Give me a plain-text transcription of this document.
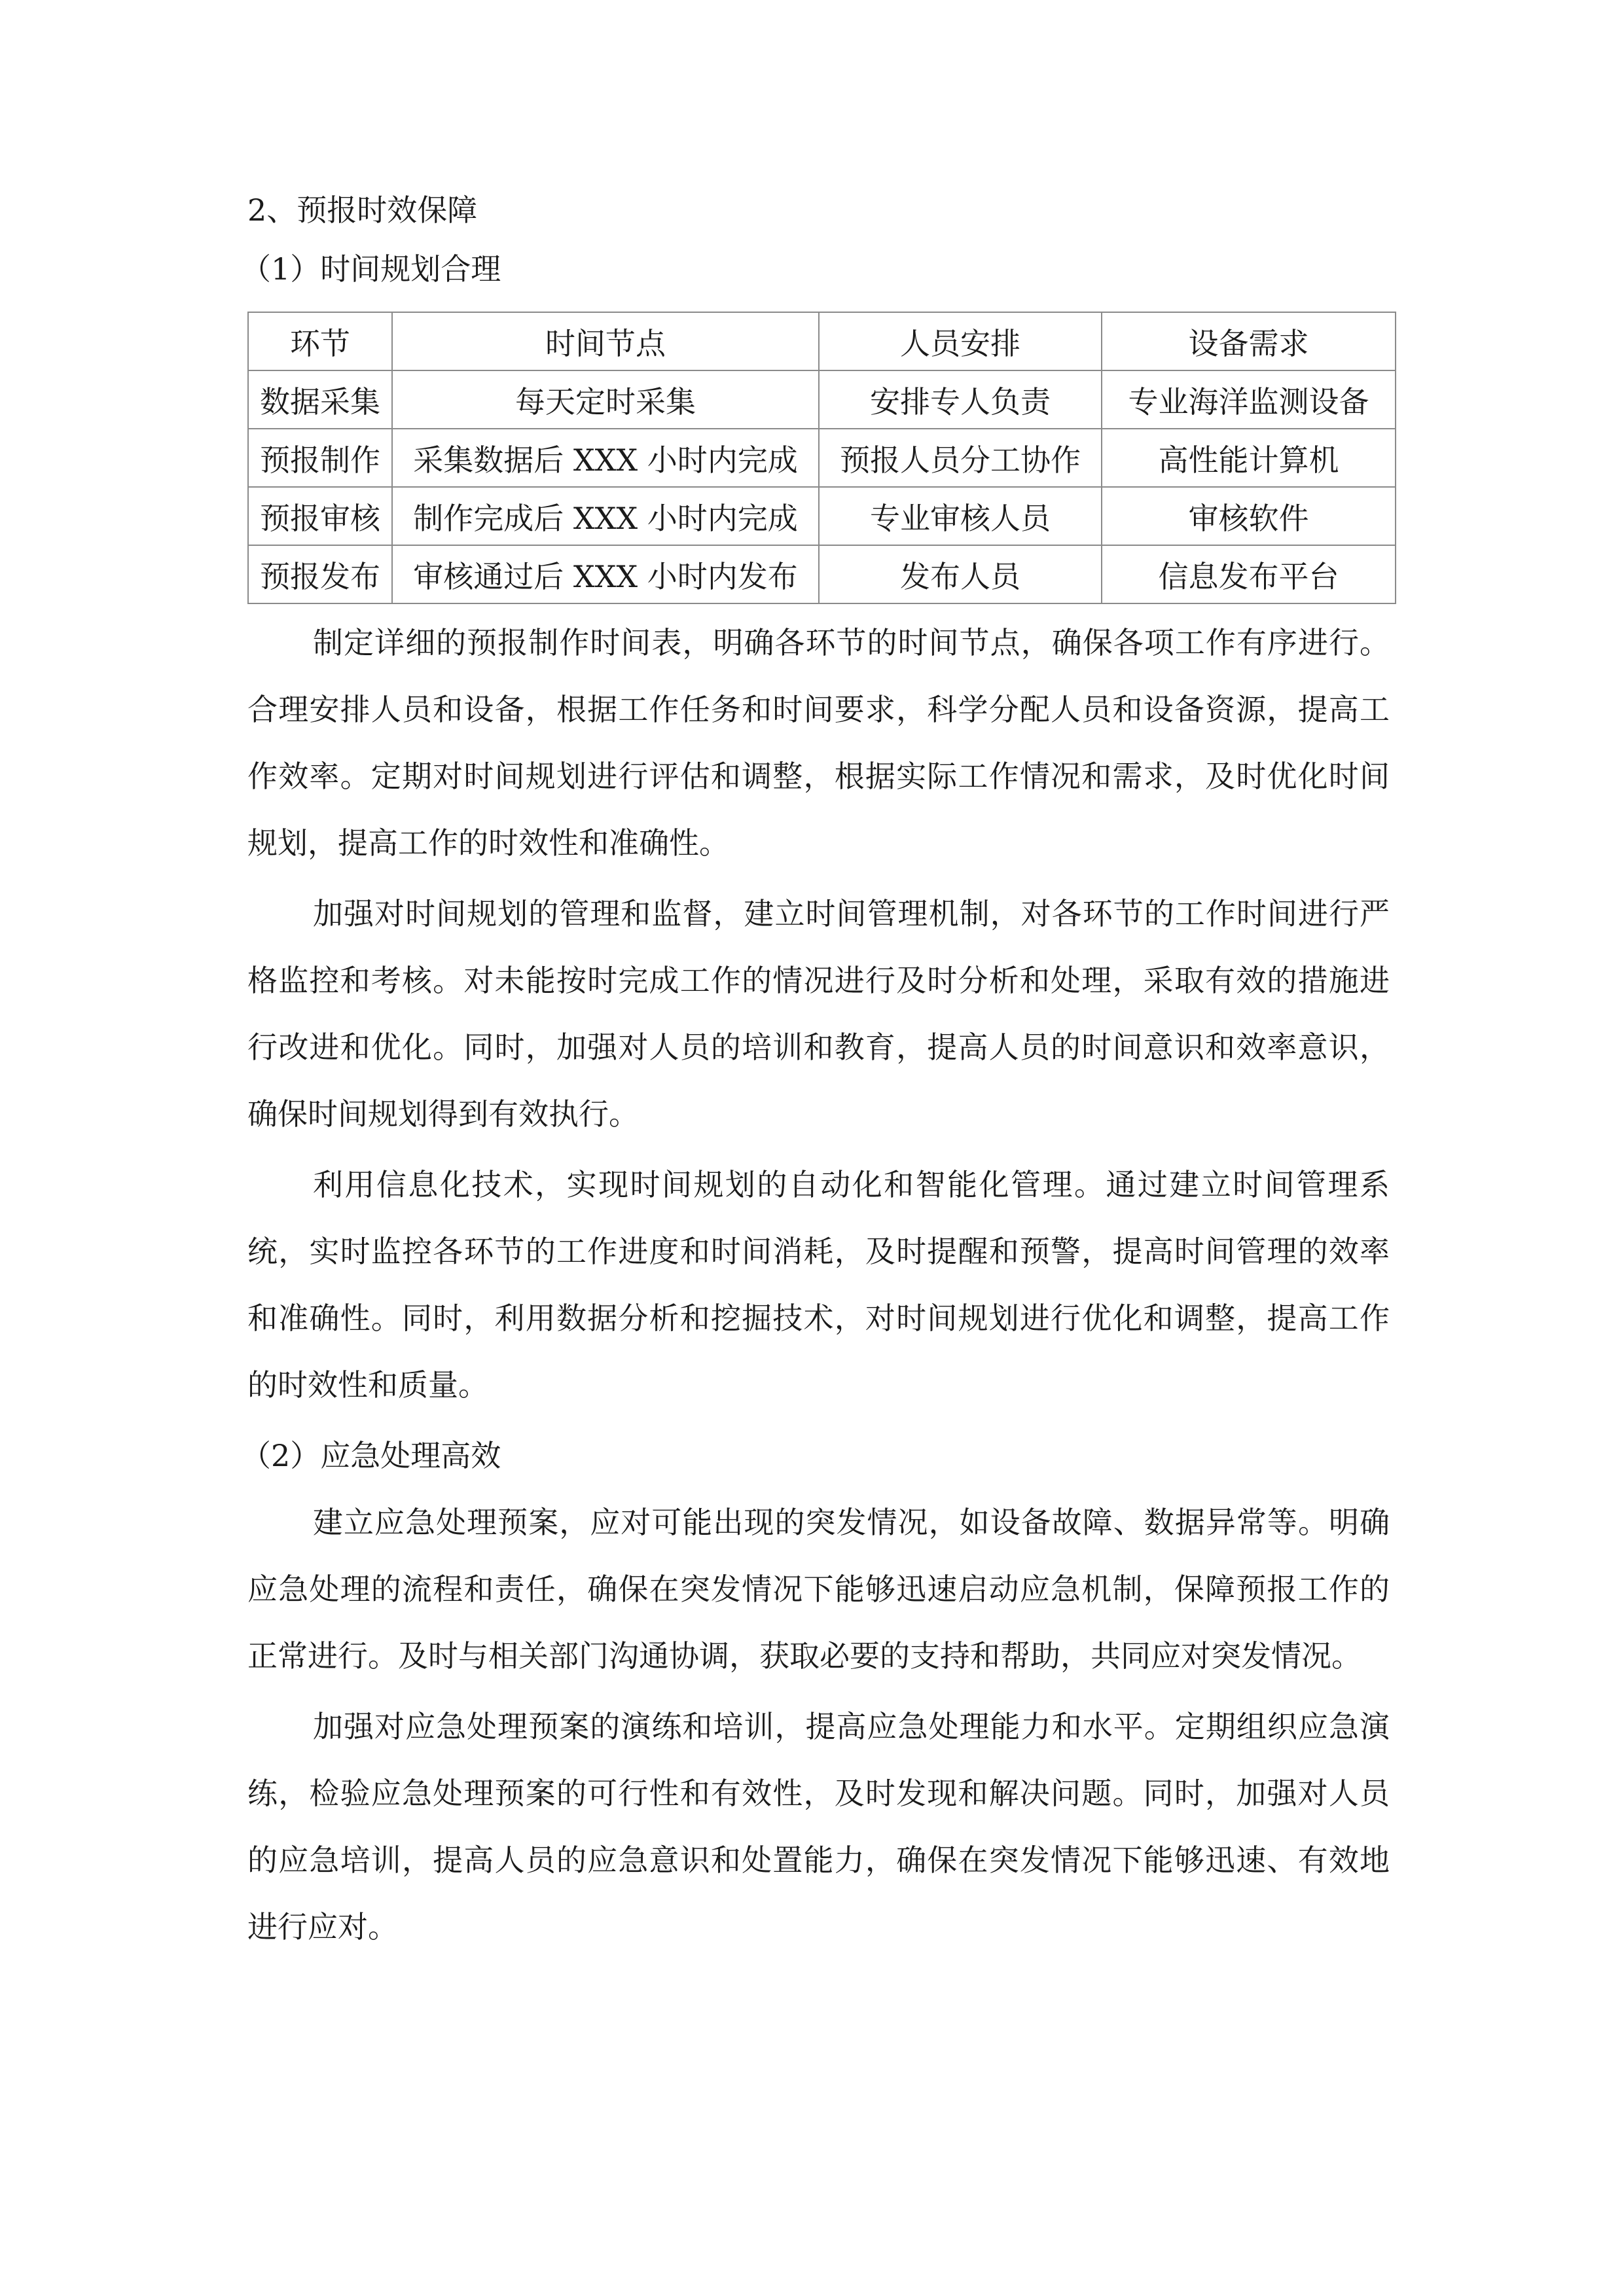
2、预报时效保障

（1）时间规划合理

环节	时间节点	人员安排	设备需求
数据采集	每天定时采集	安排专人负责	专业海洋监测设备
预报制作	采集数据后 XXX 小时内完成	预报人员分工协作	高性能计算机
预报审核	制作完成后 XXX 小时内完成	专业审核人员	审核软件
预报发布	审核通过后 XXX 小时内发布	发布人员	信息发布平台

制定详细的预报制作时间表，明确各环节的时间节点，确保各项工作有序进行。合理安排人员和设备，根据工作任务和时间要求，科学分配人员和设备资源，提高工作效率。定期对时间规划进行评估和调整，根据实际工作情况和需求，及时优化时间规划，提高工作的时效性和准确性。

加强对时间规划的管理和监督，建立时间管理机制，对各环节的工作时间进行严格监控和考核。对未能按时完成工作的情况进行及时分析和处理，采取有效的措施进行改进和优化。同时，加强对人员的培训和教育，提高人员的时间意识和效率意识，确保时间规划得到有效执行。

利用信息化技术，实现时间规划的自动化和智能化管理。通过建立时间管理系统，实时监控各环节的工作进度和时间消耗，及时提醒和预警，提高时间管理的效率和准确性。同时，利用数据分析和挖掘技术，对时间规划进行优化和调整，提高工作的时效性和质量。

（2）应急处理高效

建立应急处理预案，应对可能出现的突发情况，如设备故障、数据异常等。明确应急处理的流程和责任，确保在突发情况下能够迅速启动应急机制，保障预报工作的正常进行。及时与相关部门沟通协调，获取必要的支持和帮助，共同应对突发情况。

加强对应急处理预案的演练和培训，提高应急处理能力和水平。定期组织应急演练，检验应急处理预案的可行性和有效性，及时发现和解决问题。同时，加强对人员的应急培训，提高人员的应急意识和处置能力，确保在突发情况下能够迅速、有效地进行应对。
